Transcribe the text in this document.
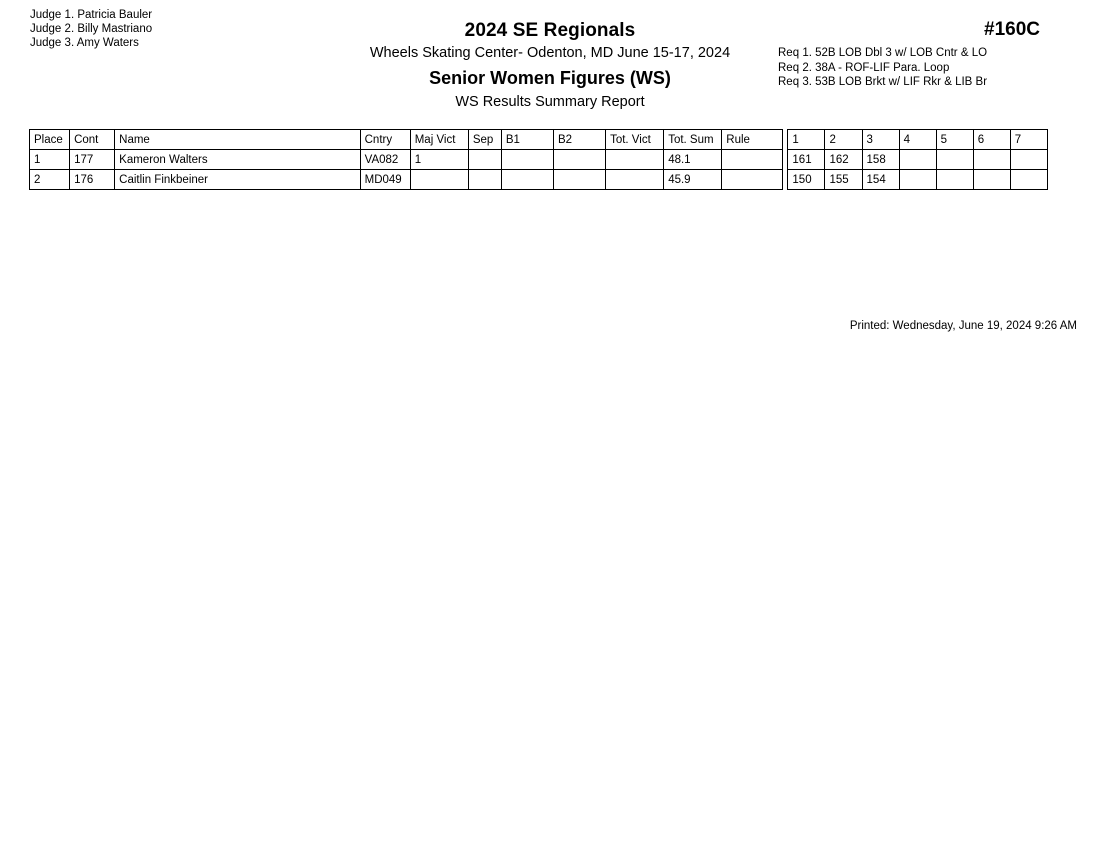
Judge 1. Patricia Bauler
Judge 2. Billy Mastriano
Judge 3. Amy Waters
2024 SE Regionals
Wheels Skating Center- Odenton, MD June 15-17, 2024
Senior Women Figures (WS)
WS Results Summary Report
#160C
Req 1. 52B LOB Dbl 3 w/ LOB Cntr & LO
Req 2. 38A - ROF-LIF Para. Loop
Req 3. 53B LOB Brkt w/ LIF Rkr & LIB Br
Place	Cont	Name	Cntry	Maj Vict	Sep	B1	B2	Tot. Vict	Tot. Sum	Rule		1	2	3	4	5	6	7
1	177	Kameron Walters	VA082	1					48.1			161	162	158				
2	176	Caitlin Finkbeiner	MD049						45.9			150	155	154				
Printed: Wednesday, June 19, 2024 9:26 AM
